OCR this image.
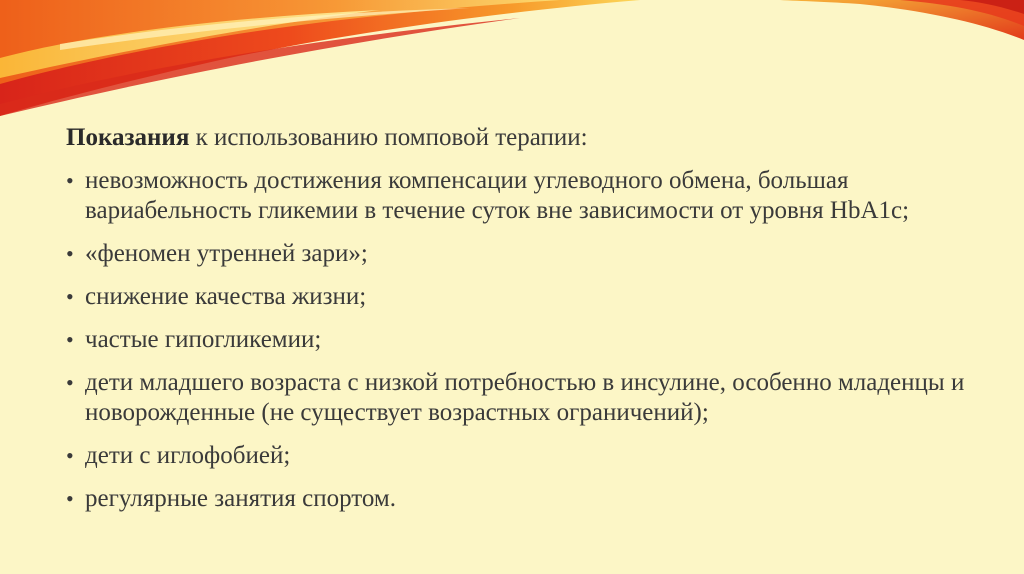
Показания к использованию помповой терапии:
• невозможность достижения компенсации углеводного обмена, большая вариабельность гликемии в течение суток вне зависимости от уровня HbA1c;
• «феномен утренней зари»;
• снижение качества жизни;
• частые гипогликемии;
• дети младшего возраста с низкой потребностью в инсулине, особенно младенцы и новорожденные (не существует возрастных ограничений);
• дети с иглофобией;
• регулярные занятия спортом.
